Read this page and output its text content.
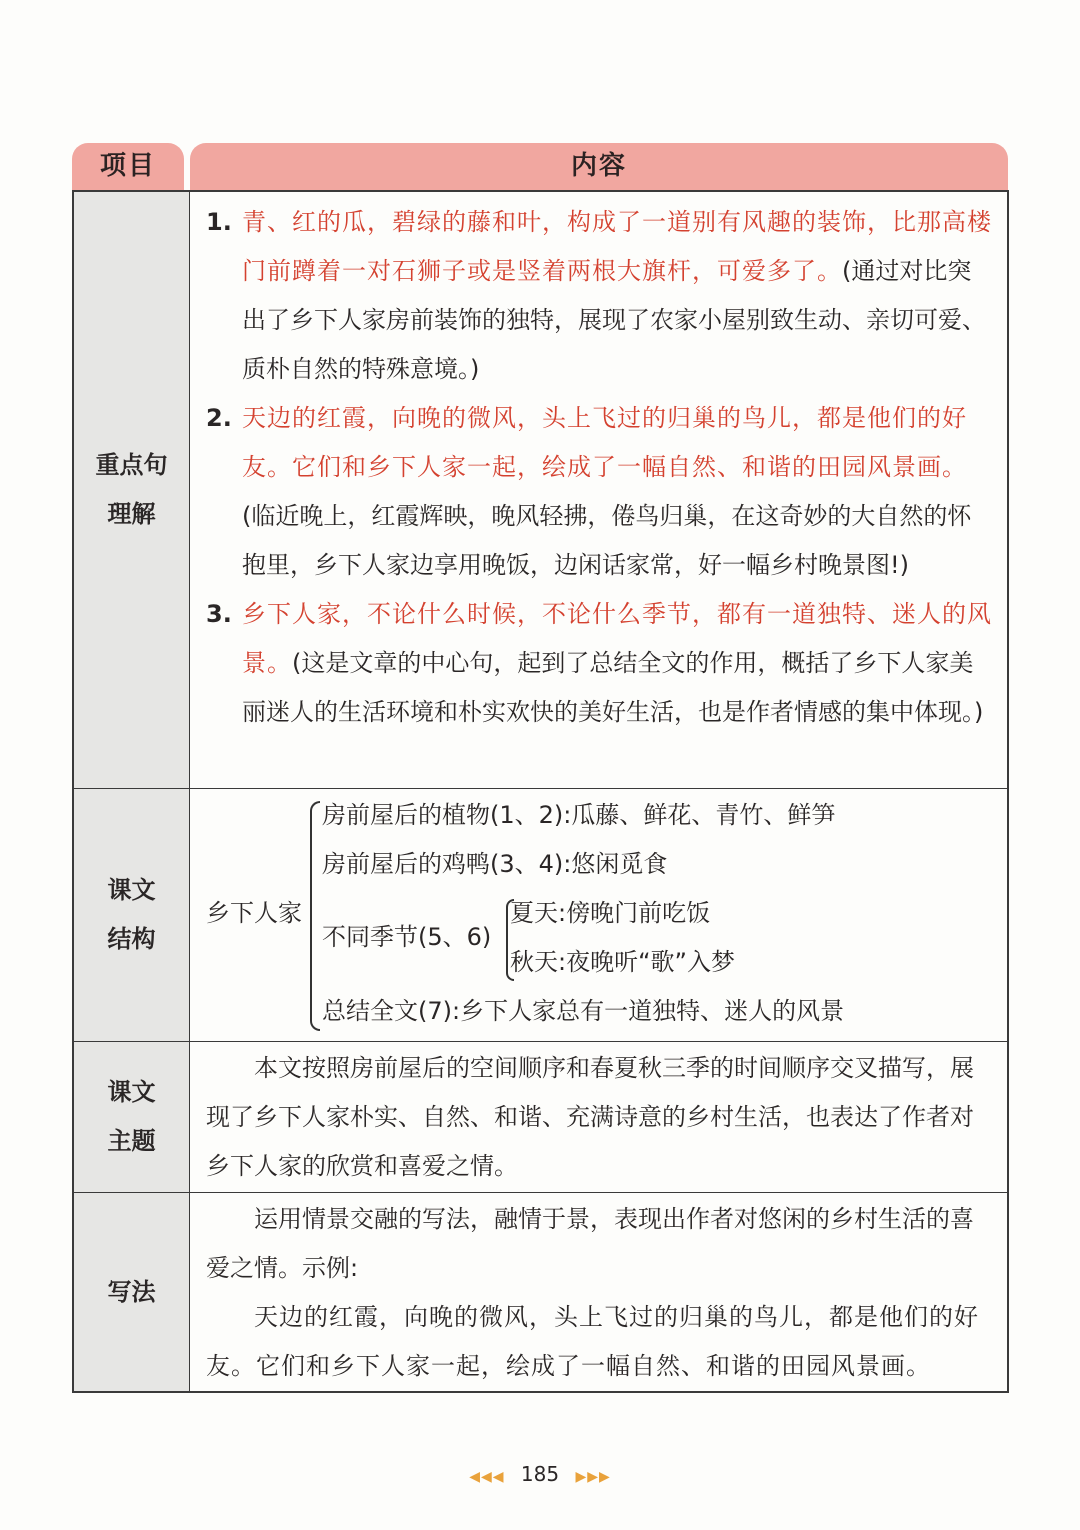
项目	内容
重点句
理解
1. 青、红的瓜，碧绿的藤和叶，构成了一道别有风趣的装饰，比那高楼门前蹲着一对石狮子或是竖着两根大旗杆，可爱多了。(通过对比突出了乡下人家房前装饰的独特，展现了农家小屋别致生动、亲切可爱、质朴自然的特殊意境。)
2. 天边的红霞，向晚的微风，头上飞过的归巢的鸟儿，都是他们的好友。它们和乡下人家一起，绘成了一幅自然、和谐的田园风景画。(临近晚上，红霞辉映，晚风轻拂，倦鸟归巢，在这奇妙的大自然的怀抱里，乡下人家边享用晚饭，边闲话家常，好一幅乡村晚景图!)
3. 乡下人家，不论什么时候，不论什么季节，都有一道独特、迷人的风景。(这是文章的中心句，起到了总结全文的作用，概括了乡下人家美丽迷人的生活环境和朴实欢快的美好生活，也是作者情感的集中体现。)
课文
结构
乡下人家
房前屋后的植物(1、2):瓜藤、鲜花、青竹、鲜笋
房前屋后的鸡鸭(3、4):悠闲觅食
不同季节(5、6)
夏天:傍晚门前吃饭
秋天:夜晚听“歌”入梦
总结全文(7):乡下人家总有一道独特、迷人的风景
课文
主题
本文按照房前屋后的空间顺序和春夏秋三季的时间顺序交叉描写，展现了乡下人家朴实、自然、和谐、充满诗意的乡村生活，也表达了作者对乡下人家的欣赏和喜爱之情。
写法
运用情景交融的写法，融情于景，表现出作者对悠闲的乡村生活的喜爱之情。示例:
天边的红霞，向晚的微风，头上飞过的归巢的鸟儿，都是他们的好友。它们和乡下人家一起，绘成了一幅自然、和谐的田园风景画。
◀◀◀ 185 ▶▶▶
